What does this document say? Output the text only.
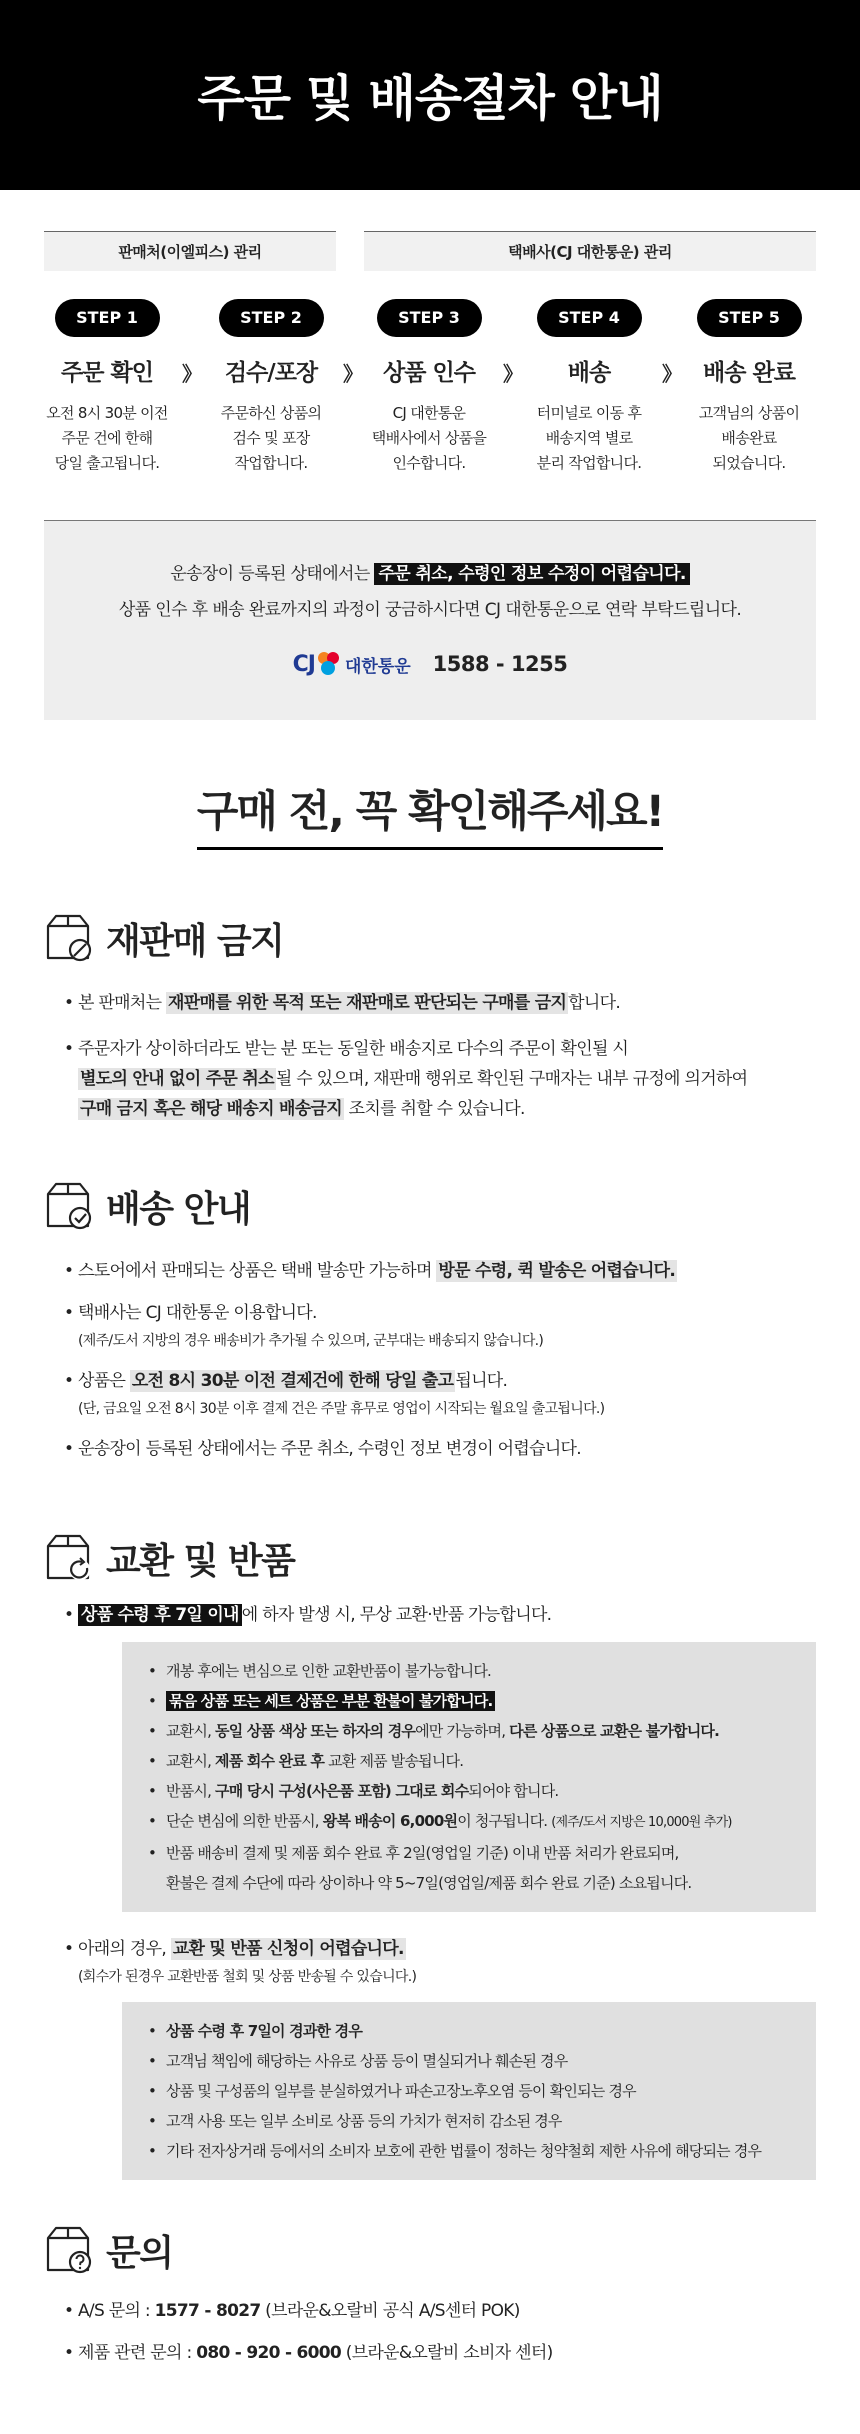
주문 및 배송절차 안내
판매처(이엘피스) 관리	택배사(CJ 대한통운) 관리
STEP 1
주문 확인
오전 8시 30분 이전
주문 건에 한해
당일 출고됩니다.
》
STEP 2
검수/포장
주문하신 상품의
검수 및 포장
작업합니다.
》
STEP 3
상품 인수
CJ 대한통운
택배사에서 상품을
인수합니다.
》
STEP 4
배송
터미널로 이동 후
배송지역 별로
분리 작업합니다.
》
STEP 5
배송 완료
고객님의 상품이
배송완료
되었습니다.
운송장이 등록된 상태에서는 주문 취소, 수령인 정보 수정이 어렵습니다.
상품 인수 후 배송 완료까지의 과정이 궁금하시다면 CJ 대한통운으로 연락 부탁드립니다.
CJ 대한통운 1588 - 1255
구매 전, 꼭 확인해주세요!
재판매 금지
• 본 판매처는 재판매를 위한 목적 또는 재판매로 판단되는 구매를 금지 합니다.
• 주문자가 상이하더라도 받는 분 또는 동일한 배송지로 다수의 주문이 확인될 시
별도의 안내 없이 주문 취소 될 수 있으며, 재판매 행위로 확인된 구매자는 내부 규정에 의거하여
구매 금지 혹은 해당 배송지 배송금지 조치를 취할 수 있습니다.
배송 안내
• 스토어에서 판매되는 상품은 택배 발송만 가능하며 방문 수령, 퀵 발송은 어렵습니다.
• 택배사는 CJ 대한통운 이용합니다.
(제주/도서 지방의 경우 배송비가 추가될 수 있으며, 군부대는 배송되지 않습니다.)
• 상품은 오전 8시 30분 이전 결제건에 한해 당일 출고 됩니다.
(단, 금요일 오전 8시 30분 이후 결제 건은 주말 휴무로 영업이 시작되는 월요일 출고됩니다.)
• 운송장이 등록된 상태에서는 주문 취소, 수령인 정보 변경이 어렵습니다.
교환 및 반품
• 상품 수령 후 7일 이내 에 하자 발생 시, 무상 교환·반품 가능합니다.
• 개봉 후에는 변심으로 인한 교환반품이 불가능합니다.
• 묶음 상품 또는 세트 상품은 부분 환불이 불가합니다.
• 교환시, 동일 상품 색상 또는 하자의 경우에만 가능하며, 다른 상품으로 교환은 불가합니다.
• 교환시, 제품 회수 완료 후 교환 제품 발송됩니다.
• 반품시, 구매 당시 구성(사은품 포함) 그대로 회수되어야 합니다.
• 단순 변심에 의한 반품시, 왕복 배송이 6,000원이 청구됩니다. (제주/도서 지방은 10,000원 추가)
• 반품 배송비 결제 및 제품 회수 완료 후 2일(영업일 기준) 이내 반품 처리가 완료되며,
환불은 결제 수단에 따라 상이하나 약 5~7일(영업일/제품 회수 완료 기준) 소요됩니다.
• 아래의 경우, 교환 및 반품 신청이 어렵습니다.
(회수가 된경우 교환반품 철회 및 상품 반송될 수 있습니다.)
• 상품 수령 후 7일이 경과한 경우
• 고객님 책임에 해당하는 사유로 상품 등이 멸실되거나 훼손된 경우
• 상품 및 구성품의 일부를 분실하였거나 파손고장노후오염 등이 확인되는 경우
• 고객 사용 또는 일부 소비로 상품 등의 가치가 현저히 감소된 경우
• 기타 전자상거래 등에서의 소비자 보호에 관한 법률이 정하는 청약철회 제한 사유에 해당되는 경우
문의
• A/S 문의 : 1577 - 8027 (브라운&오랄비 공식 A/S센터 POK)
• 제품 관련 문의 : 080 - 920 - 6000 (브라운&오랄비 소비자 센터)
